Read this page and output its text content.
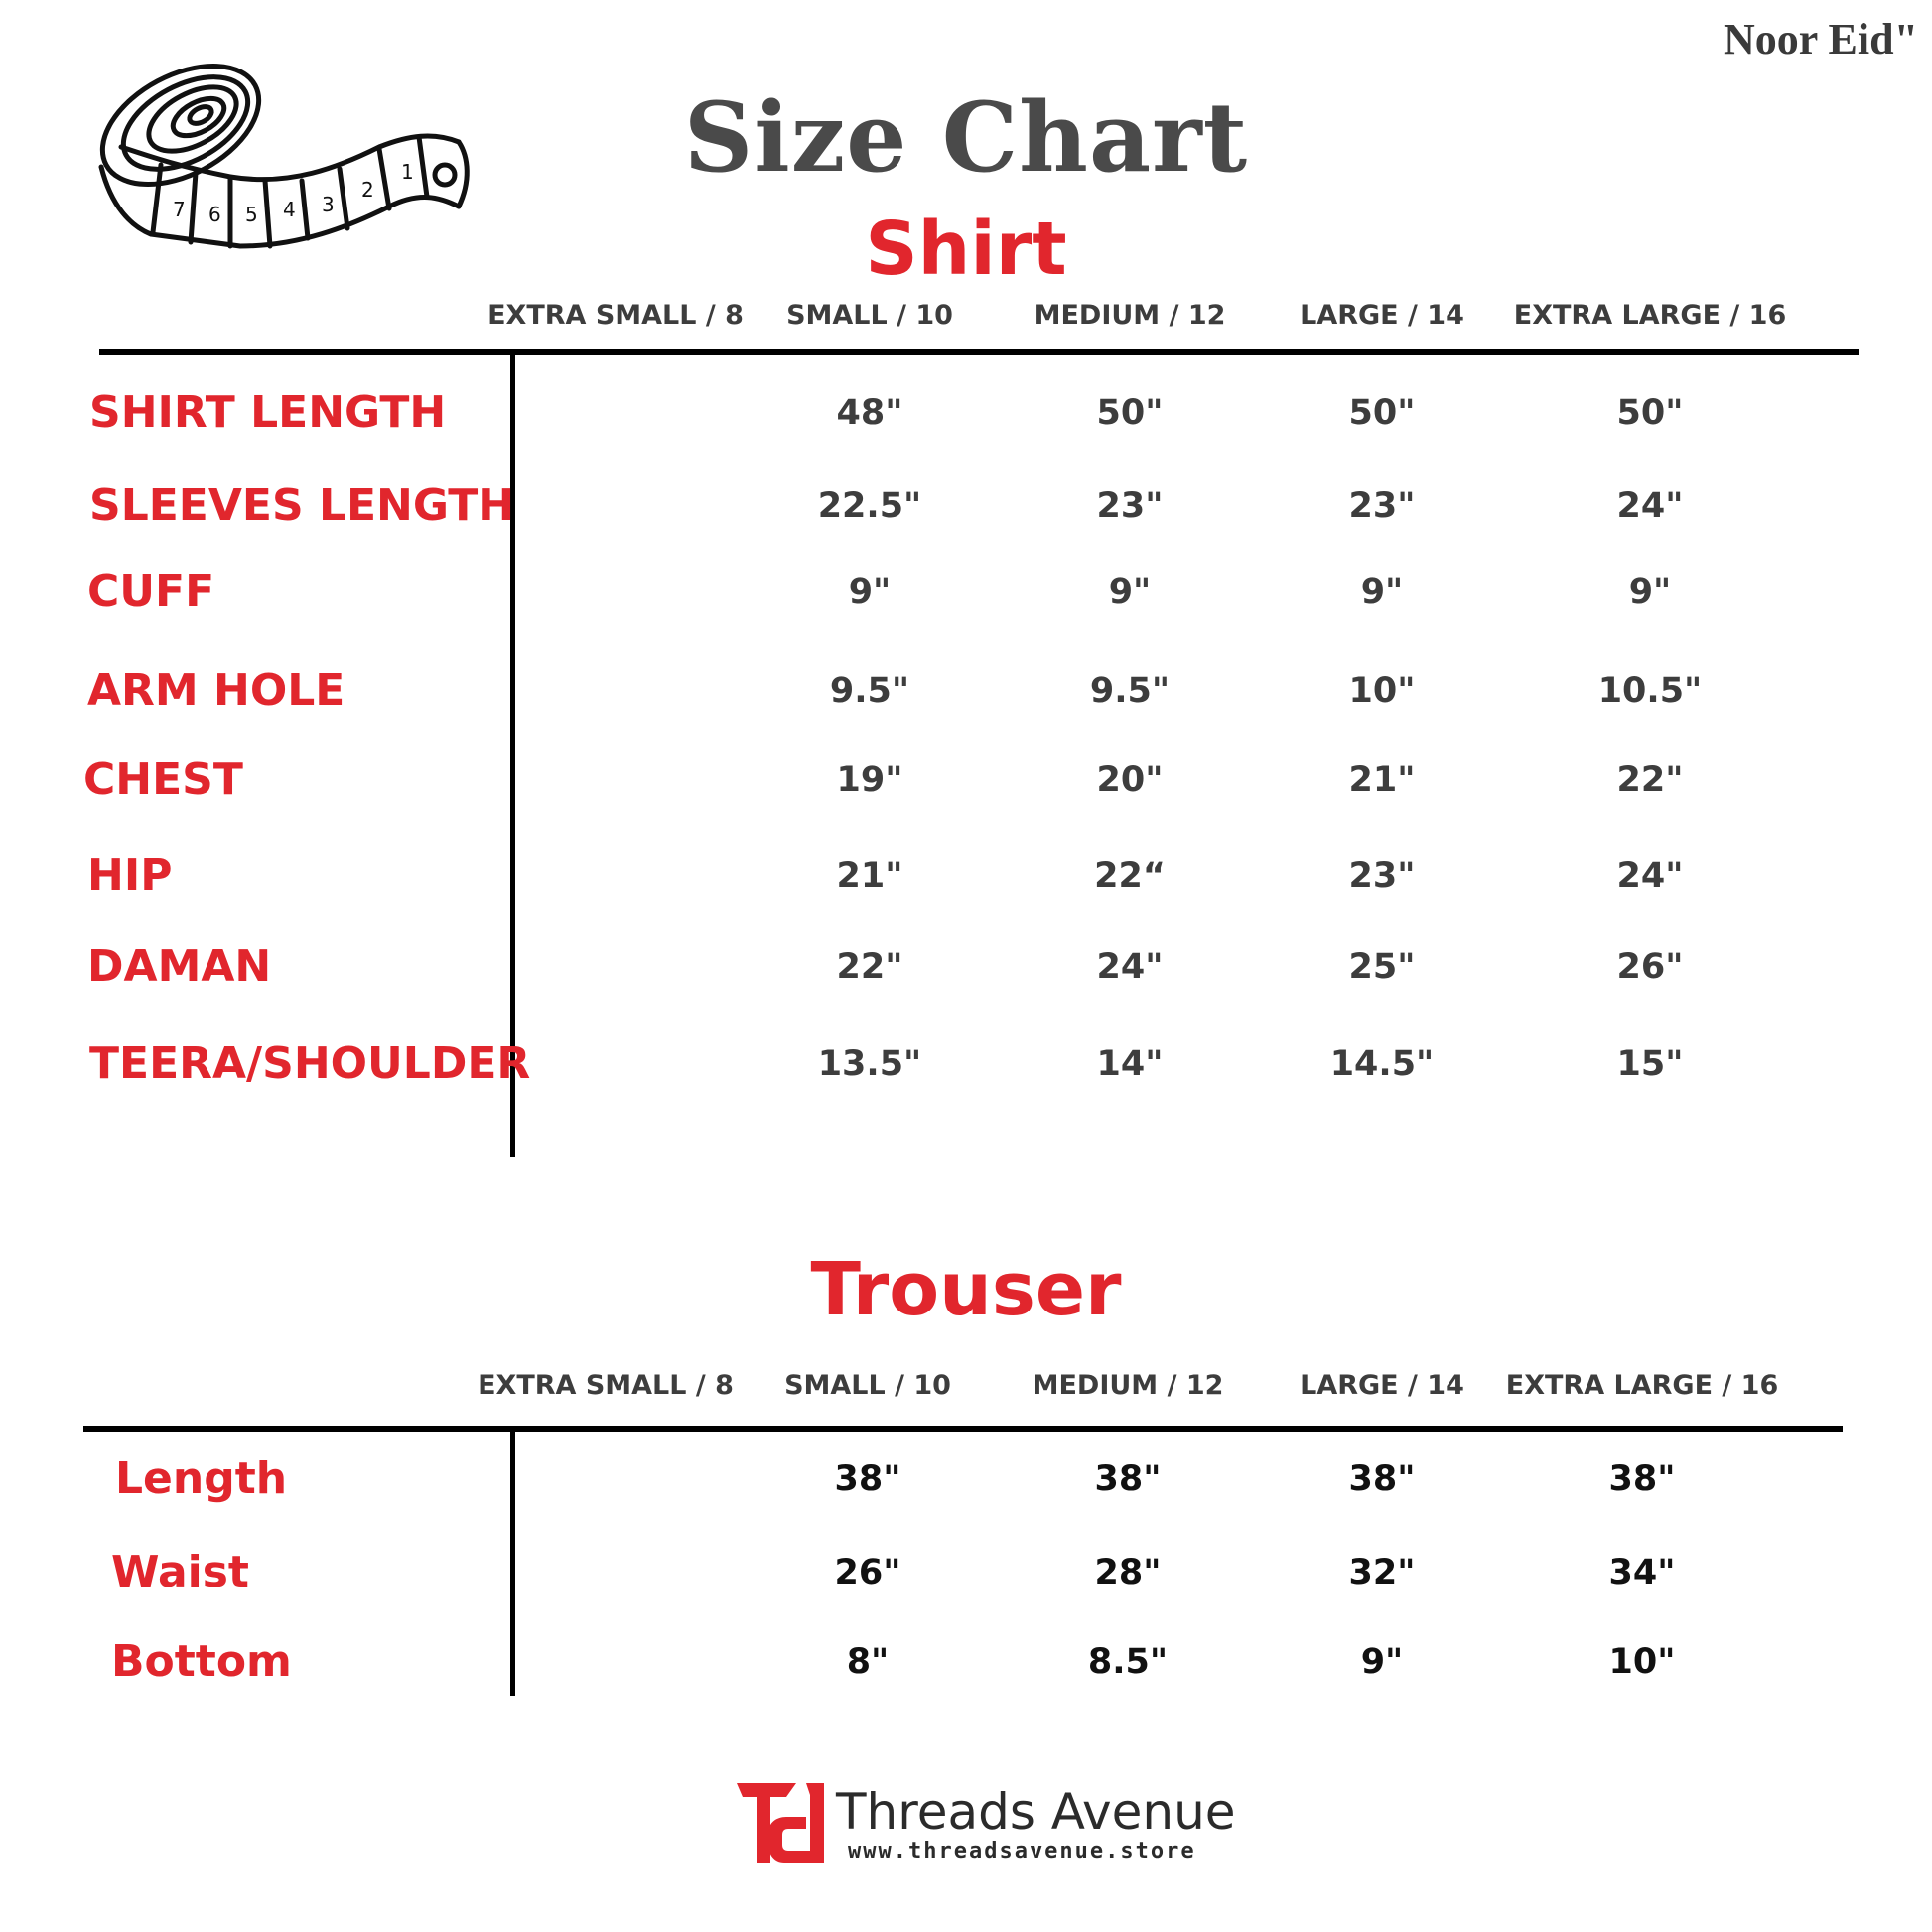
Noor Eid"
7 6 5 4 3
2
1	Size Chart
Shirt
EXTRA SMALL / 8 SMALL / 10	MEDIUM / 12	LARGE / 14 EXTRA LARGE / 16
SHIRT LENGTH	48"	50"	50"	50"
SLEEVES LENGTH	22.5"	23"	23"	24"
CUFF	9"	9"	9"	9"
ARM HOLE	9.5"	9.5"	10"	10.5"
CHEST	19"	20"	21"	22"
HIP	21"	22“	23"	24"
DAMAN	22"	24"	25"	26"
TEERA/SHOULDER	13.5"	14"	14.5"	15"
Trouser
EXTRA SMALL / 8 SMALL / 10	MEDIUM / 12	LARGE / 14 EXTRA LARGE / 16
Length	38"	38"	38"	38"
Waist	26"	28"	32"	34"
Bottom	8"	8.5"	9"	10"
Threads Avenue
www.threadsavenue.store
